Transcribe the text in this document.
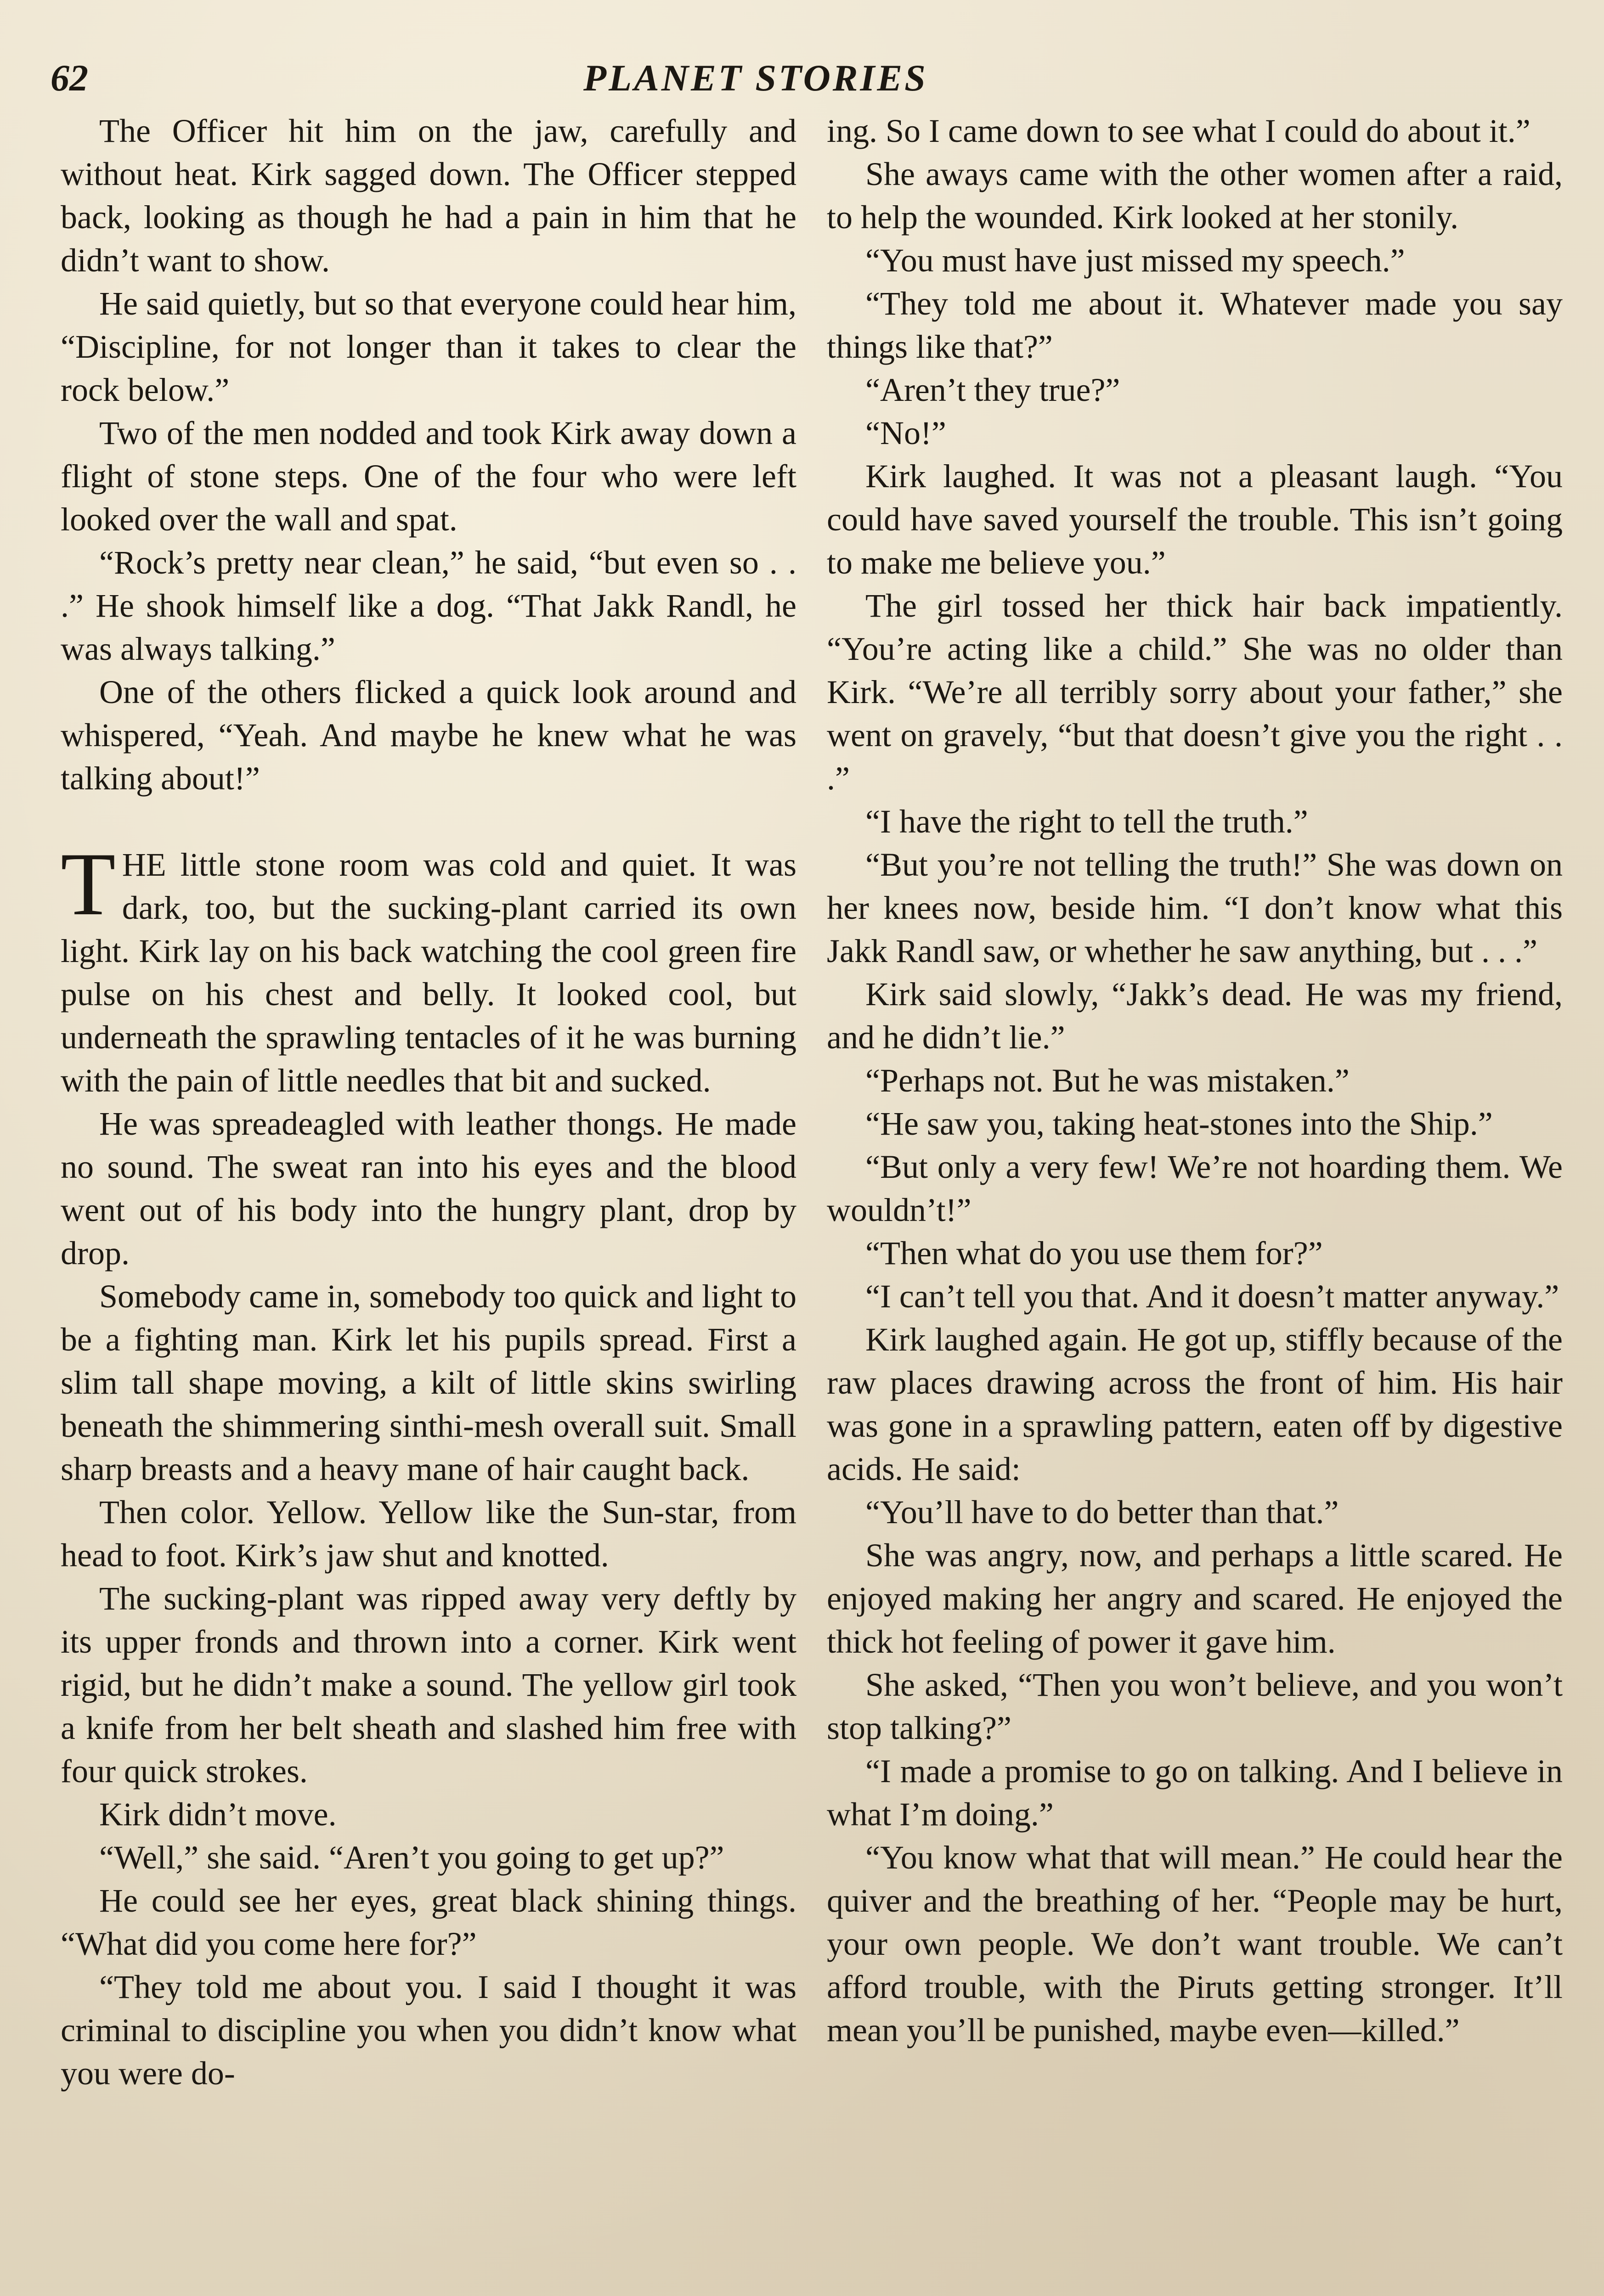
62	PLANET STORIES

The Officer hit him on the jaw, carefully and without heat. Kirk sagged down. The Officer stepped back, looking as though he had a pain in him that he didn’t want to show.

He said quietly, but so that everyone could hear him, “Discipline, for not longer than it takes to clear the rock below.”

Two of the men nodded and took Kirk away down a flight of stone steps. One of the four who were left looked over the wall and spat.

“Rock’s pretty near clean,” he said, “but even so . . .” He shook himself like a dog. “That Jakk Randl, he was always talking.”

One of the others flicked a quick look around and whispered, “Yeah. And maybe he knew what he was talking about!”

THE little stone room was cold and quiet. It was dark, too, but the sucking-plant carried its own light. Kirk lay on his back watching the cool green fire pulse on his chest and belly. It looked cool, but underneath the sprawling tentacles of it he was burning with the pain of little needles that bit and sucked.

He was spreadeagled with leather thongs. He made no sound. The sweat ran into his eyes and the blood went out of his body into the hungry plant, drop by drop.

Somebody came in, somebody too quick and light to be a fighting man. Kirk let his pupils spread. First a slim tall shape moving, a kilt of little skins swirling beneath the shimmering sinthi-mesh overall suit. Small sharp breasts and a heavy mane of hair caught back.

Then color. Yellow. Yellow like the Sun-star, from head to foot. Kirk’s jaw shut and knotted.

The sucking-plant was ripped away very deftly by its upper fronds and thrown into a corner. Kirk went rigid, but he didn’t make a sound. The yellow girl took a knife from her belt sheath and slashed him free with four quick strokes.

Kirk didn’t move.

“Well,” she said. “Aren’t you going to get up?”

He could see her eyes, great black shining things. “What did you come here for?”

“They told me about you. I said I thought it was criminal to discipline you when you didn’t know what you were do-

ing. So I came down to see what I could do about it.”

She aways came with the other women after a raid, to help the wounded. Kirk looked at her stonily.

“You must have just missed my speech.”

“They told me about it. Whatever made you say things like that?”

“Aren’t they true?”

“No!”

Kirk laughed. It was not a pleasant laugh. “You could have saved yourself the trouble. This isn’t going to make me believe you.”

The girl tossed her thick hair back impatiently. “You’re acting like a child.” She was no older than Kirk. “We’re all terribly sorry about your father,” she went on gravely, “but that doesn’t give you the right . . .”

“I have the right to tell the truth.”

“But you’re not telling the truth!” She was down on her knees now, beside him. “I don’t know what this Jakk Randl saw, or whether he saw anything, but . . .”

Kirk said slowly, “Jakk’s dead. He was my friend, and he didn’t lie.”

“Perhaps not. But he was mistaken.”

“He saw you, taking heat-stones into the Ship.”

“But only a very few! We’re not hoarding them. We wouldn’t!”

“Then what do you use them for?”

“I can’t tell you that. And it doesn’t matter anyway.”

Kirk laughed again. He got up, stiffly because of the raw places drawing across the front of him. His hair was gone in a sprawling pattern, eaten off by digestive acids. He said:

“You’ll have to do better than that.”

She was angry, now, and perhaps a little scared. He enjoyed making her angry and scared. He enjoyed the thick hot feeling of power it gave him.

She asked, “Then you won’t believe, and you won’t stop talking?”

“I made a promise to go on talking. And I believe in what I’m doing.”

“You know what that will mean.” He could hear the quiver and the breathing of her. “People may be hurt, your own people. We don’t want trouble. We can’t afford trouble, with the Piruts getting stronger. It’ll mean you’ll be punished, maybe even—killed.”
